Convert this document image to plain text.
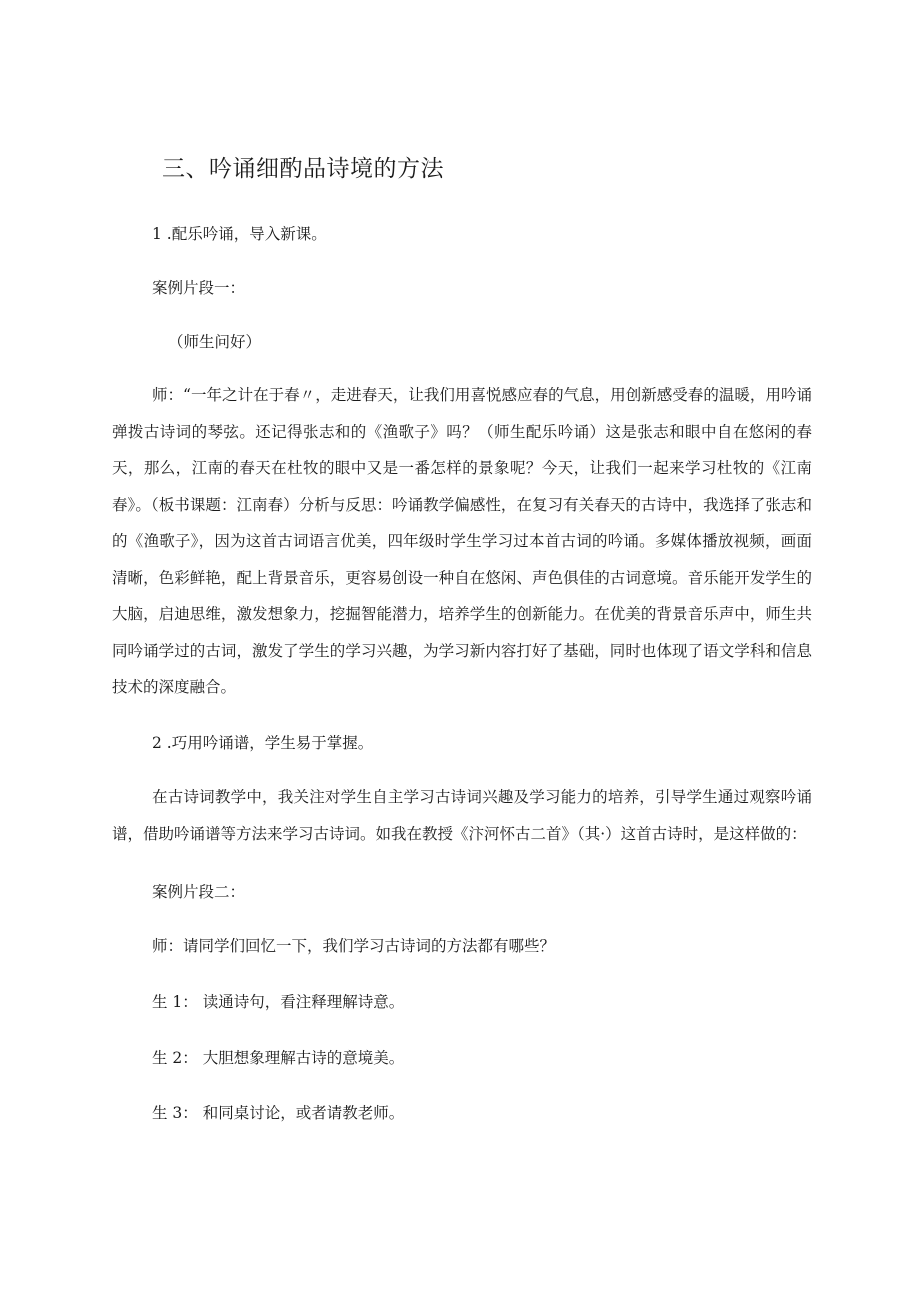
三、吟诵细酌品诗境的方法

1 .配乐吟诵，导入新课。

案例片段一：

（师生问好）

师：“一年之计在于春〃，走进春天，让我们用喜悦感应春的气息，用创新感受春的温暖，用吟诵弹拨古诗词的琴弦。还记得张志和的《渔歌子》吗？（师生配乐吟诵）这是张志和眼中自在悠闲的春天，那么，江南的春天在杜牧的眼中又是一番怎样的景象呢？今天，让我们一起来学习杜牧的《江南春》。（板书课题：江南春）分析与反思：吟诵教学偏感性，在复习有关春天的古诗中，我选择了张志和的《渔歌子》，因为这首古词语言优美，四年级时学生学习过本首古词的吟诵。多媒体播放视频，画面清晰，色彩鲜艳，配上背景音乐，更容易创设一种自在悠闲、声色俱佳的古词意境。音乐能开发学生的大脑，启迪思维，激发想象力，挖掘智能潜力，培养学生的创新能力。在优美的背景音乐声中，师生共同吟诵学过的古词，激发了学生的学习兴趣，为学习新内容打好了基础，同时也体现了语文学科和信息技术的深度融合。

2 .巧用吟诵谱，学生易于掌握。

在古诗词教学中，我关注对学生自主学习古诗词兴趣及学习能力的培养，引导学生通过观察吟诵谱，借助吟诵谱等方法来学习古诗词。如我在教授《汴河怀古二首》（其·）这首古诗时，是这样做的：

案例片段二：

师：请同学们回忆一下，我们学习古诗词的方法都有哪些？

生 1： 读通诗句，看注释理解诗意。

生 2： 大胆想象理解古诗的意境美。

生 3： 和同桌讨论，或者请教老师。
